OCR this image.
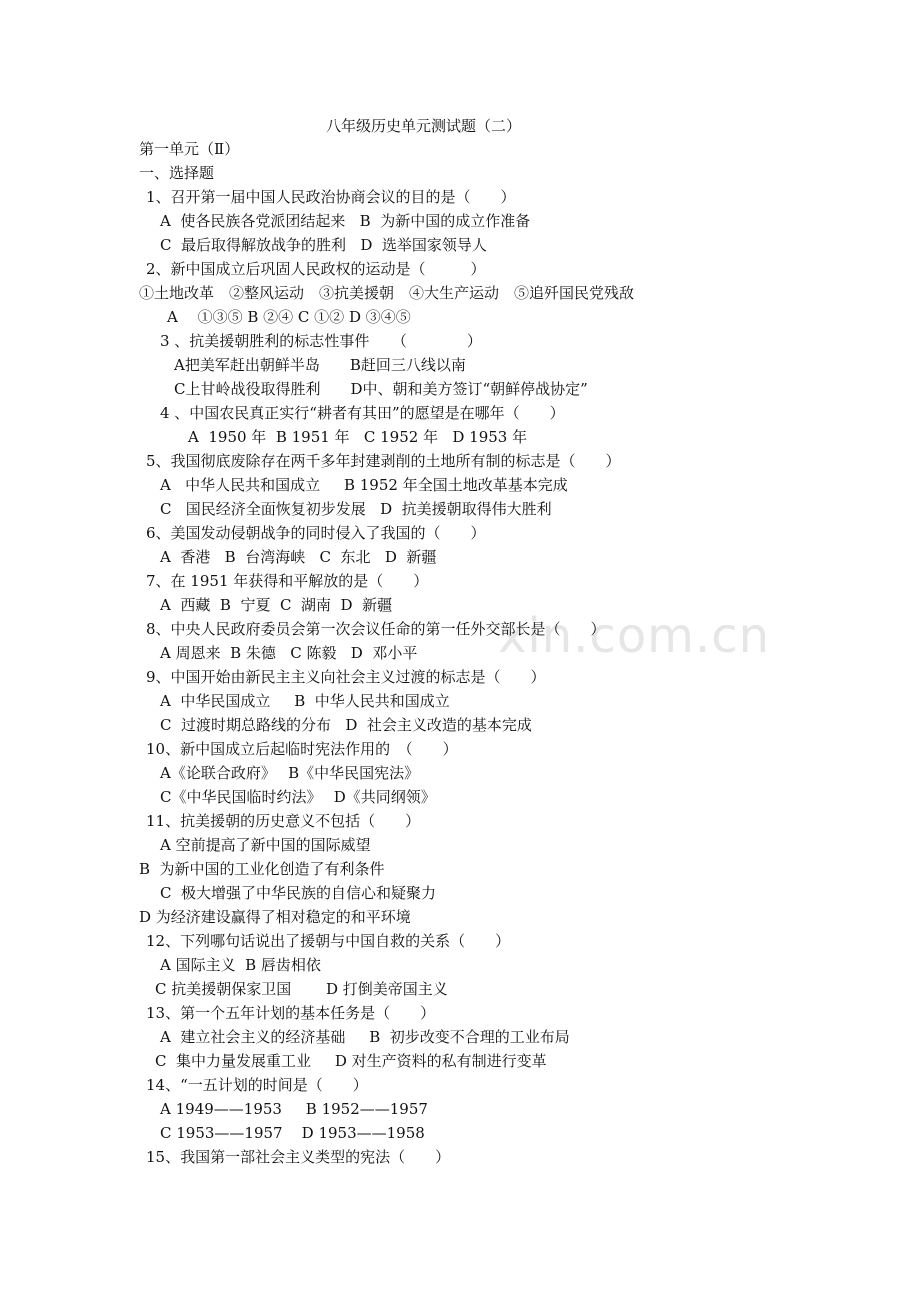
xin.com.cn
八年级历史单元测试题（二）
第一单元（Ⅱ）
一、选择题
1、召开第一届中国人民政治协商会议的目的是（　　）
A  使各民族各党派团结起来   B  为新中国的成立作准备
C  最后取得解放战争的胜利   D  选举国家领导人
2、新中国成立后巩固人民政权的运动是（　　　）
①土地改革　②整风运动　③抗美援朝　④大生产运动　⑤追歼国民党残敌
A　 ①③⑤ B ②④ C ①② D ③④⑤
3 、抗美援朝胜利的标志性事件　　（　　　　）
A把美军赶出朝鲜半岛　　B赶回三八线以南
C上甘岭战役取得胜利　　D中、朝和美方签订“朝鲜停战协定”
4 、中国农民真正实行“耕者有其田”的愿望是在哪年（　　）
A  1950 年  B 1951 年   C 1952 年   D 1953 年
5、我国彻底废除存在两千多年封建剥削的土地所有制的标志是（　　）
A   中华人民共和国成立     B 1952 年全国土地改革基本完成
C   国民经济全面恢复初步发展   D  抗美援朝取得伟大胜利
6、美国发动侵朝战争的同时侵入了我国的（　　）
A  香港   B  台湾海峡   C  东北   D  新疆
7、在 1951 年获得和平解放的是（　　）
A  西藏  B  宁夏  C  湖南  D  新疆
8、中央人民政府委员会第一次会议任命的第一任外交部长是（　　）
A 周恩来  B 朱德   C 陈毅   D  邓小平
9、中国开始由新民主主义向社会主义过渡的标志是（　　）
A  中华民国成立     B  中华人民共和国成立
C  过渡时期总路线的分布   D  社会主义改造的基本完成
10、新中国成立后起临时宪法作用的　（　　）
A《论联合政府》　 B《中华民国宪法》
C《中华民国临时约法》　 D《共同纲领》
11、抗美援朝的历史意义不包括（　　）
A 空前提高了新中国的国际威望
B  为新中国的工业化创造了有利条件
C  极大增强了中华民族的自信心和疑聚力
D 为经济建设赢得了相对稳定的和平环境
12、下列哪句话说出了援朝与中国自救的关系（　　）
A 国际主义  B 唇齿相依
C 抗美援朝保家卫国　　 D 打倒美帝国主义
13、第一个五年计划的基本任务是（　　）
A  建立社会主义的经济基础     B  初步改变不合理的工业布局
C  集中力量发展重工业     D 对生产资料的私有制进行变革
14、“一五计划的时间是（　　）
A 1949——1953     B 1952——1957
C 1953——1957    D 1953——1958
15、我国第一部社会主义类型的宪法（　　）
